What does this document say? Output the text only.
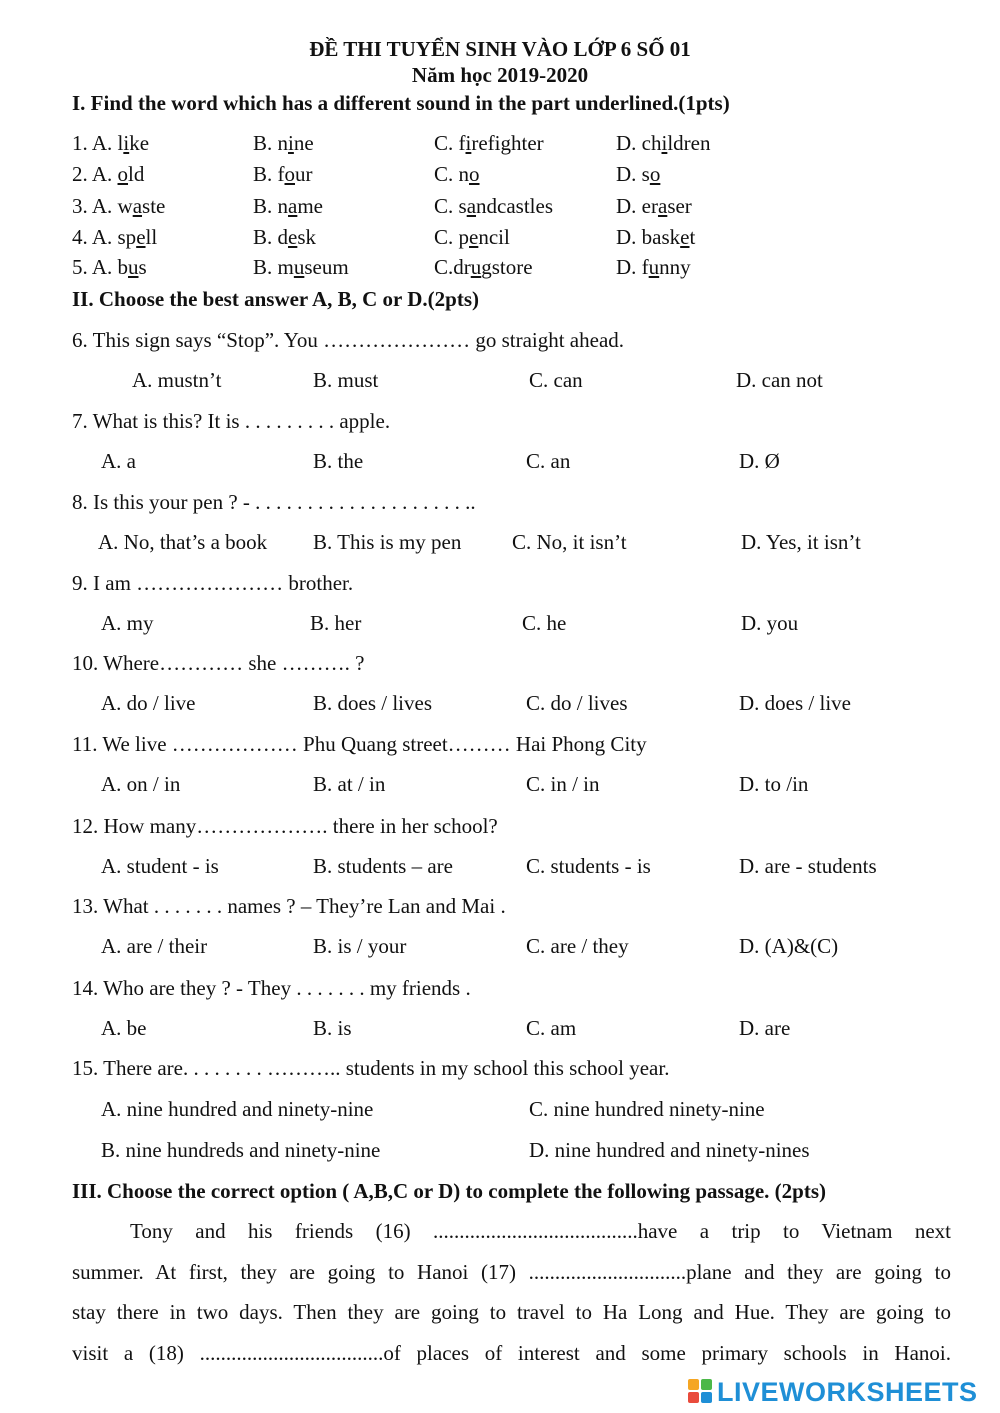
ĐỀ THI TUYỂN SINH VÀO LỚP 6 SỐ 01
Năm học 2019-2020
I. Find the word which has a different sound in the part underlined.(1pts)
1. A. like	B. nine	C. firefighter	D. children
2. A. old	B. four	C. no	D. so
3. A. waste	B. name	C. sandcastles	D. eraser
4. A. spell	B. desk	C. pencil	D. basket
5. A. bus	B. museum	C.drugstore	D. funny
II. Choose the best answer A, B, C or D.(2pts)
6. This sign says “Stop”. You ………………… go straight ahead.
A. mustn’t	B. must	C. can	D. can not
7. What is this? It is . . . . . . . . . apple.
A. a	B. the	C. an	D. Ø
8. Is this your pen ? - . . . . . . . . . . . . . . . . . . . . ..
A. No, that’s a book B. This is my pen C. No, it isn’t	D. Yes, it isn’t
9. I am ………………… brother.
A. my	B. her	C. he	D. you
10. Where………… she ………. ?
A. do / live	B. does / lives	C. do / lives	D. does / live
11. We live ……………… Phu Quang street……… Hai Phong City
A. on / in	B. at / in	C. in / in	D. to /in
12. How many………………. there in her school?
A. student - is	B. students – are	C. students - is	D. are - students
13. What . . . . . . . names ? – They’re Lan and Mai .
A. are / their	B. is / your	C. are / they	D. (A)&(C)
14. Who are they ? - They . . . . . . . my friends .
A. be	B. is	C. am	D. are
15. There are. . . . . . . . ……….. students in my school this school year.
A. nine hundred and ninety-nine	C. nine hundred ninety-nine
B. nine hundreds and ninety-nine	D. nine hundred and ninety-nines
III. Choose the correct option ( A,B,C or D) to complete the following passage. (2pts)
Tony and his friends (16) .......................................have a trip to Vietnam next
summer. At first, they are going to Hanoi (17) ..............................plane and they are going to
stay there in two days. Then they are going to travel to Ha Long and Hue. They are going to
visit a (18) ...................................of places of interest and some primary schools in Hanoi.
LIVEWORKSHEETS
